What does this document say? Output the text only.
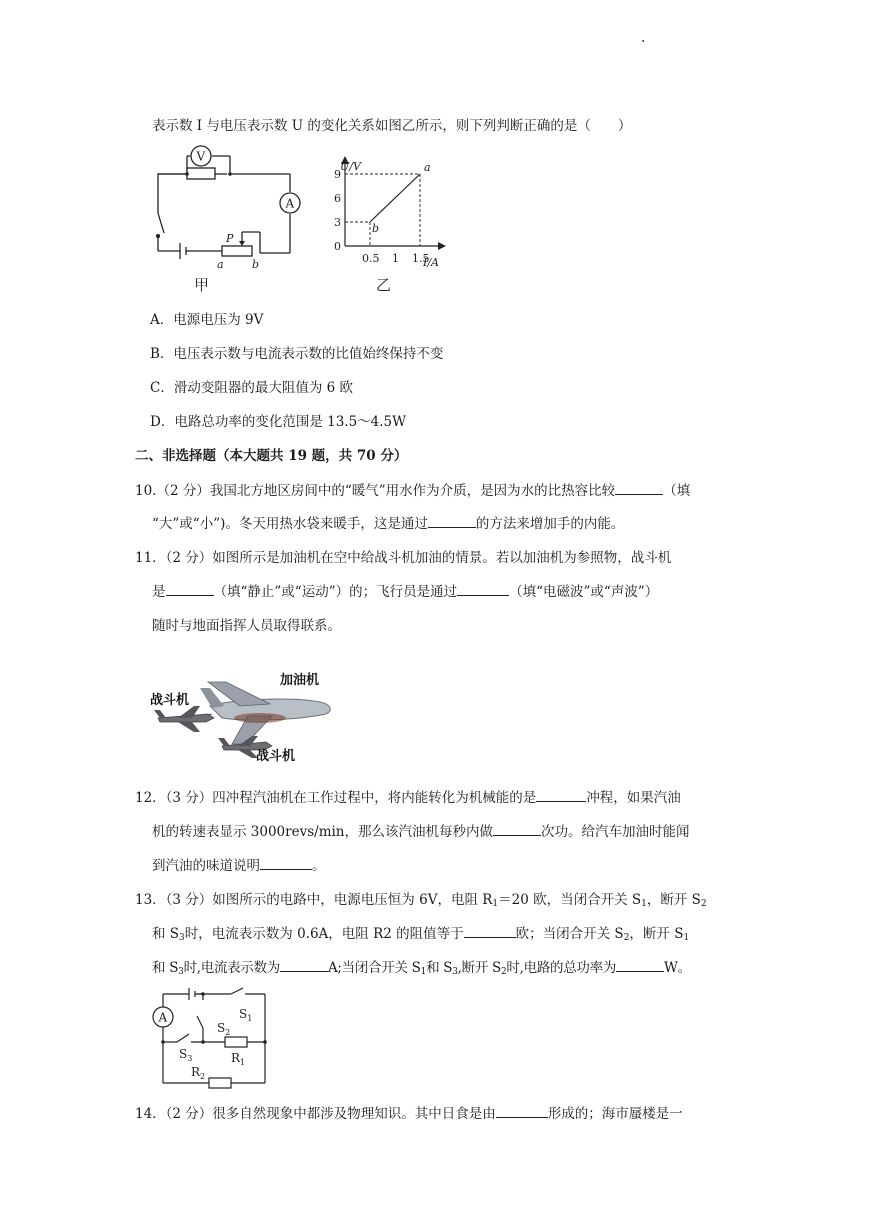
.
表示数 I 与电压表示数 U 的变化关系如图乙所示，则下列判断正确的是（　　）
V
A
P
a	b
甲
U/V
I/A
乙
0.5 1 1.5
0
3
6
9
b
a
A．电源电压为 9V
B．电压表示数与电流表示数的比值始终保持不变
C．滑动变阻器的最大阻值为 6 欧
D．电路总功率的变化范围是 13.5～4.5W
二、非选择题（本大题共 19 题，共 70 分）
10.（2 分）我国北方地区房间中的“暖气”用水作为介质，是因为水的比热容比较	（填
“大”或“小”)。冬天用热水袋来暖手，这是通过	的方法来增加手的内能。
11．（2 分）如图所示是加油机在空中给战斗机加油的情景。若以加油机为参照物，战斗机
是	（填“静止”或“运动”）的；飞行员是通过	（填“电磁波”或“声波”）
随时与地面指挥人员取得联系。
加油机
战斗机
战斗机
12．（3 分）四冲程汽油机在工作过程中，将内能转化为机械能的是	冲程，如果汽油
机的转速表显示 3000revs/min，那么该汽油机每秒内做	次功。给汽车加油时能闻
到汽油的味道说明	。
13．（3 分）如图所示的电路中，电源电压恒为 6V，电阻 $R_1=20$ 欧，当闭合开关 $S_1$，断开 $S_2$
和 $S_3$时，电流表示数为 0.6A，电阻 R2 的阻值等于	欧；当闭合开关 $S_2$，断开 $S_1$
和 $S_3$时,电流表示数为	A;当闭合开关 $S_1$和 $S_3$,断开 $S_2$时,电路的总功率为	W。
A	$S_1$
$S_2$
$S_3$	$R_1$
$R_2$
14．（2 分）很多自然现象中都涉及物理知识。其中日食是由	形成的；海市蜃楼是一
